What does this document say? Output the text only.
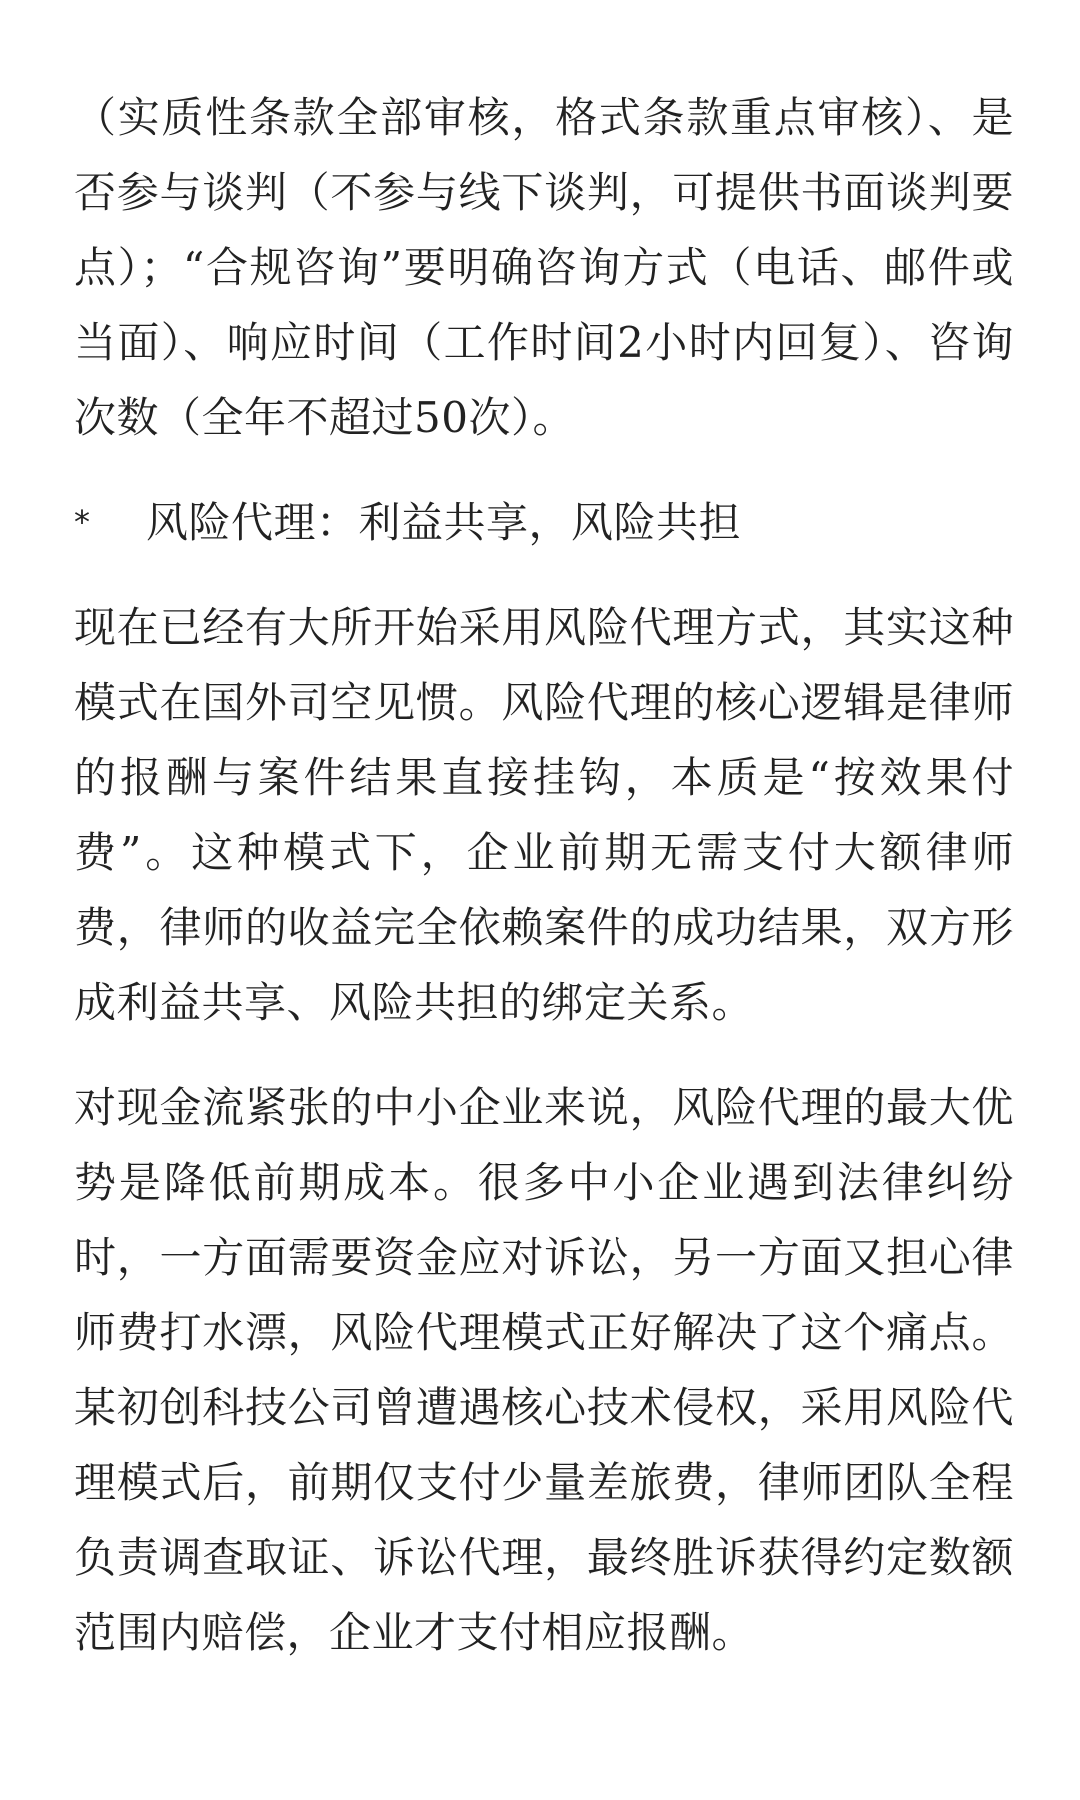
（实质性条款全部审核，格式条款重点审核）、是否参与谈判（不参与线下谈判，可提供书面谈判要点）；“合规咨询”要明确咨询方式（电话、邮件或当面）、响应时间（工作时间2小时内回复）、咨询次数（全年不超过50次）。

*	风险代理：利益共享，风险共担

现在已经有大所开始采用风险代理方式，其实这种模式在国外司空见惯。风险代理的核心逻辑是律师的报酬与案件结果直接挂钩，本质是“按效果付费”。这种模式下，企业前期无需支付大额律师费，律师的收益完全依赖案件的成功结果，双方形成利益共享、风险共担的绑定关系。

对现金流紧张的中小企业来说，风险代理的最大优势是降低前期成本。很多中小企业遇到法律纠纷时，一方面需要资金应对诉讼，另一方面又担心律师费打水漂，风险代理模式正好解决了这个痛点。某初创科技公司曾遭遇核心技术侵权，采用风险代理模式后，前期仅支付少量差旅费，律师团队全程负责调查取证、诉讼代理，最终胜诉获得约定数额范围内赔偿，企业才支付相应报酬。
